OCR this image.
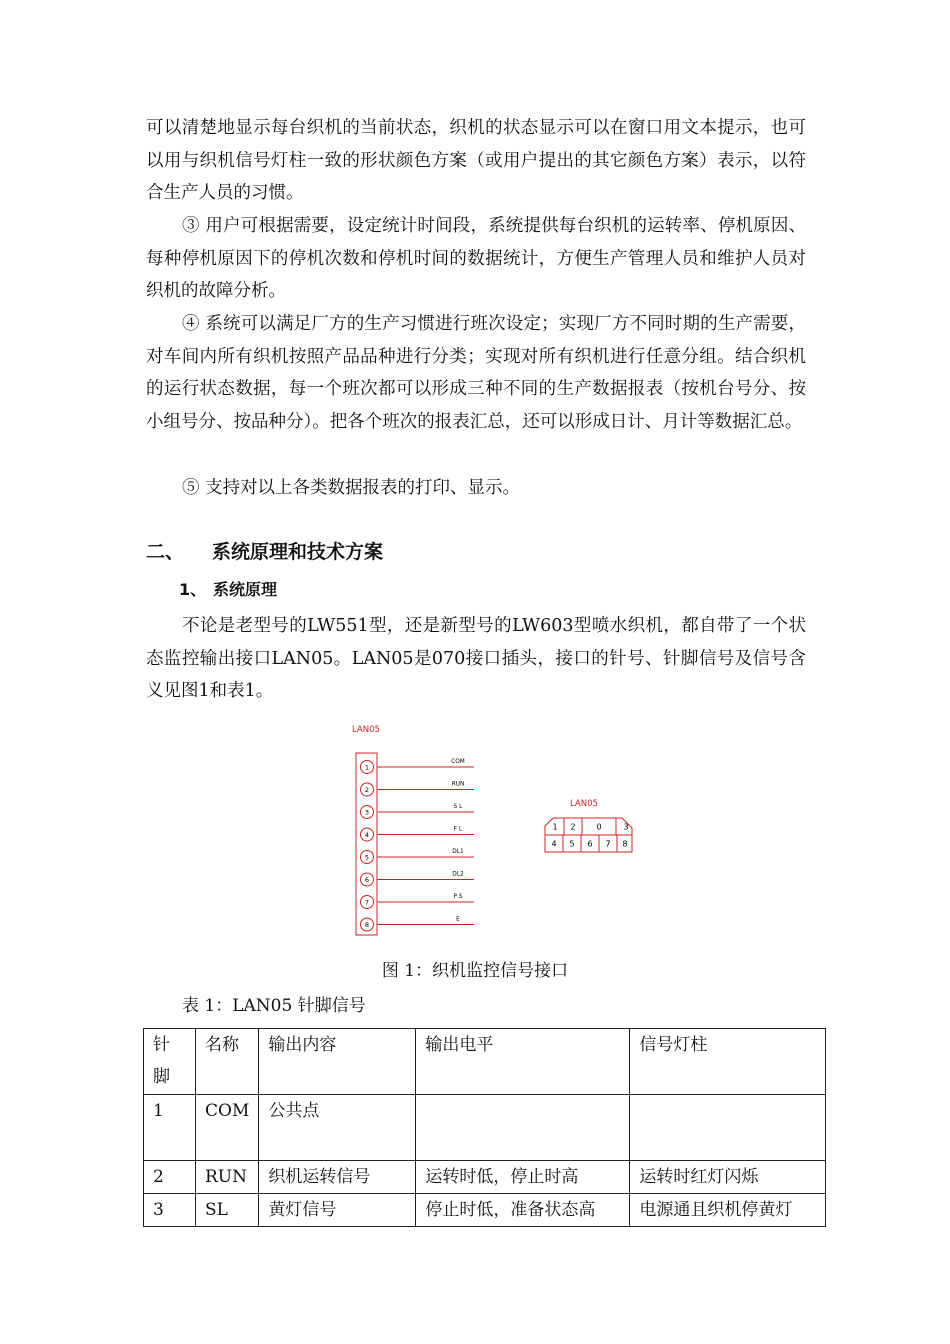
可以清楚地显示每台织机的当前状态，织机的状态显示可以在窗口用文本提示，也可以用与织机信号灯柱一致的形状颜色方案（或用户提出的其它颜色方案）表示，以符合生产人员的习惯。

③ 用户可根据需要，设定统计时间段，系统提供每台织机的运转率、停机原因、每种停机原因下的停机次数和停机时间的数据统计，方便生产管理人员和维护人员对织机的故障分析。

④ 系统可以满足厂方的生产习惯进行班次设定；实现厂方不同时期的生产需要，对车间内所有织机按照产品品种进行分类；实现对所有织机进行任意分组。结合织机的运行状态数据，每一个班次都可以形成三种不同的生产数据报表（按机台号分、按小组号分、按品种分）。把各个班次的报表汇总，还可以形成日计、月计等数据汇总。

⑤ 支持对以上各类数据报表的打印、显示。

二、 系统原理和技术方案
1、 系统原理

不论是老型号的LW551型，还是新型号的LW603型喷水织机，都自带了一个状态监控输出接口LAN05。LAN05是070接口插头，接口的针号、针脚信号及信号含义见图1和表1。

LAN05
1
COM
2
RUN
3
S L
4
F L
5
DL1
6
DL2
7
P S
8
E
LAN05
1 2	0	3
4 5 6 7 8
图 1：织机监控信号接口
表 1：LAN05 针脚信号
针脚	名称	输出内容	输出电平	信号灯柱
1	COM	公共点		
2	RUN	织机运转信号	运转时低，停止时高	运转时红灯闪烁
3	SL	黄灯信号	停止时低，准备状态高	电源通且织机停黄灯
